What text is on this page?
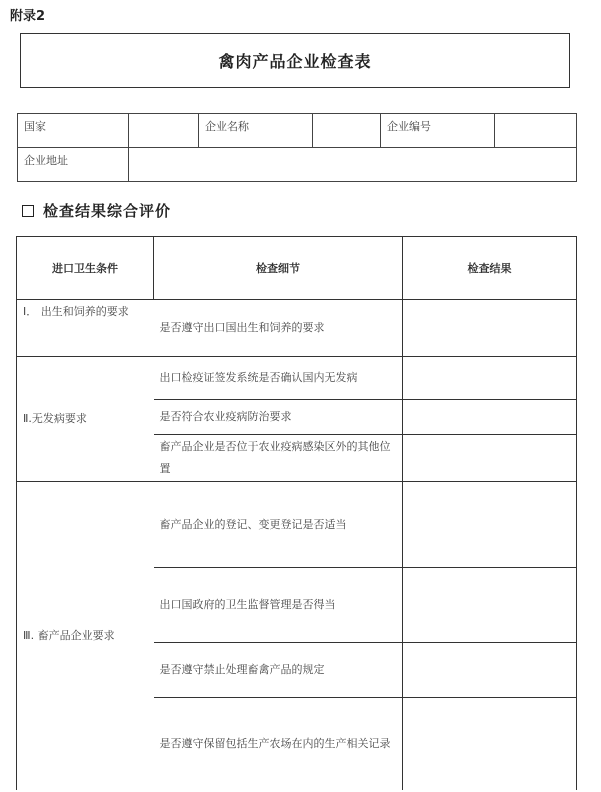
附录2
禽肉产品企业检查表
国家		企业名称		企业编号	
企业地址					
检查结果综合评价
进口卫生条件	检查细节	检查结果
Ⅰ． 出生和饲养的要求	是否遵守出口国出生和饲养的要求	
Ⅱ.无发病要求	出口检疫证签发系统是否确认国内无发病	
	是否符合农业疫病防治要求	
	畜产品企业是否位于农业疫病感染区外的其他位置	
Ⅲ. 畜产品企业要求	畜产品企业的登记、变更登记是否适当	
	出口国政府的卫生监督管理是否得当	
	是否遵守禁止处理畜禽产品的规定	
	是否遵守保留包括生产农场在内的生产相关记录	
